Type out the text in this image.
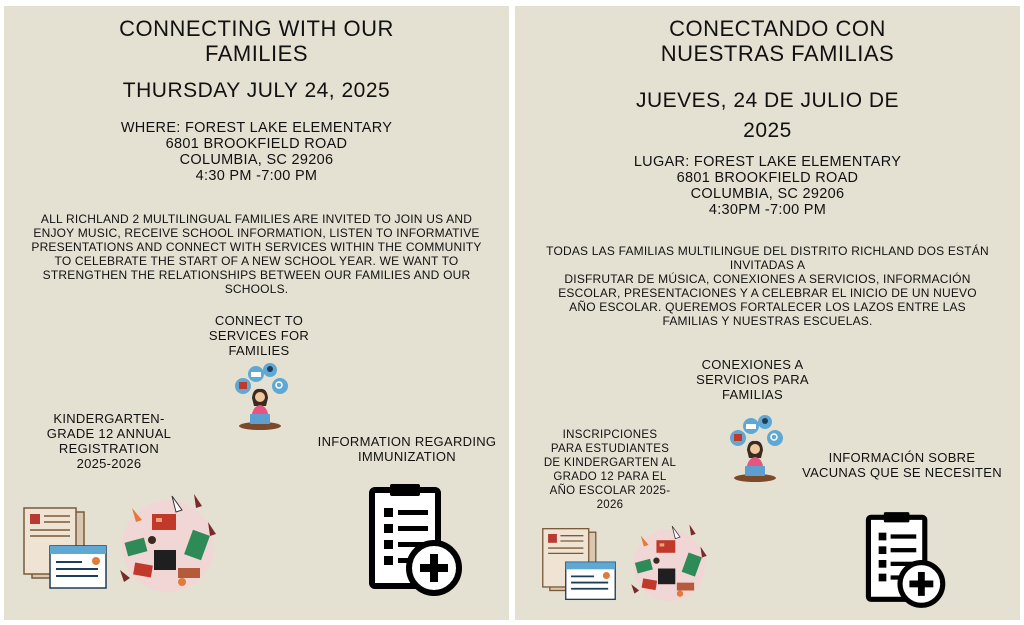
CONNECTING WITH OUR
FAMILIES
THURSDAY JULY 24, 2025
WHERE: FOREST LAKE ELEMENTARY
6801 BROOKFIELD ROAD
COLUMBIA, SC 29206
4:30 PM -7:00 PM
ALL RICHLAND 2 MULTILINGUAL FAMILIES ARE INVITED TO JOIN US AND
ENJOY MUSIC, RECEIVE SCHOOL INFORMATION, LISTEN TO INFORMATIVE
PRESENTATIONS AND CONNECT WITH SERVICES WITHIN THE COMMUNITY
TO CELEBRATE THE START OF A NEW SCHOOL YEAR. WE WANT TO
STRENGTHEN THE RELATIONSHIPS BETWEEN OUR FAMILIES AND OUR
SCHOOLS.
CONNECT TO
SERVICES FOR
FAMILIES
KINDERGARTEN-
GRADE 12 ANNUAL
REGISTRATION
2025-2026
INFORMATION REGARDING
IMMUNIZATION
CONECTANDO CON
NUESTRAS FAMILIAS
JUEVES, 24 DE JULIO DE
2025
LUGAR: FOREST LAKE ELEMENTARY
6801 BROOKFIELD ROAD
COLUMBIA, SC 29206
4:30PM -7:00 PM
TODAS LAS FAMILIAS MULTILINGUE DEL DISTRITO RICHLAND DOS ESTÁN
INVITADAS A
DISFRUTAR DE MÚSICA, CONEXIONES A SERVICIOS, INFORMACIÓN
ESCOLAR, PRESENTACIONES Y A CELEBRAR EL INICIO DE UN NUEVO
AÑO ESCOLAR. QUEREMOS FORTALECER LOS LAZOS ENTRE LAS
FAMILIAS Y NUESTRAS ESCUELAS.
CONEXIONES A
SERVICIOS PARA
FAMILIAS
INSCRIPCIONES
PARA ESTUDIANTES
DE KINDERGARTEN AL
GRADO 12 PARA EL
AÑO ESCOLAR 2025-
2026
INFORMACIÓN SOBRE
VACUNAS QUE SE NECESITEN
